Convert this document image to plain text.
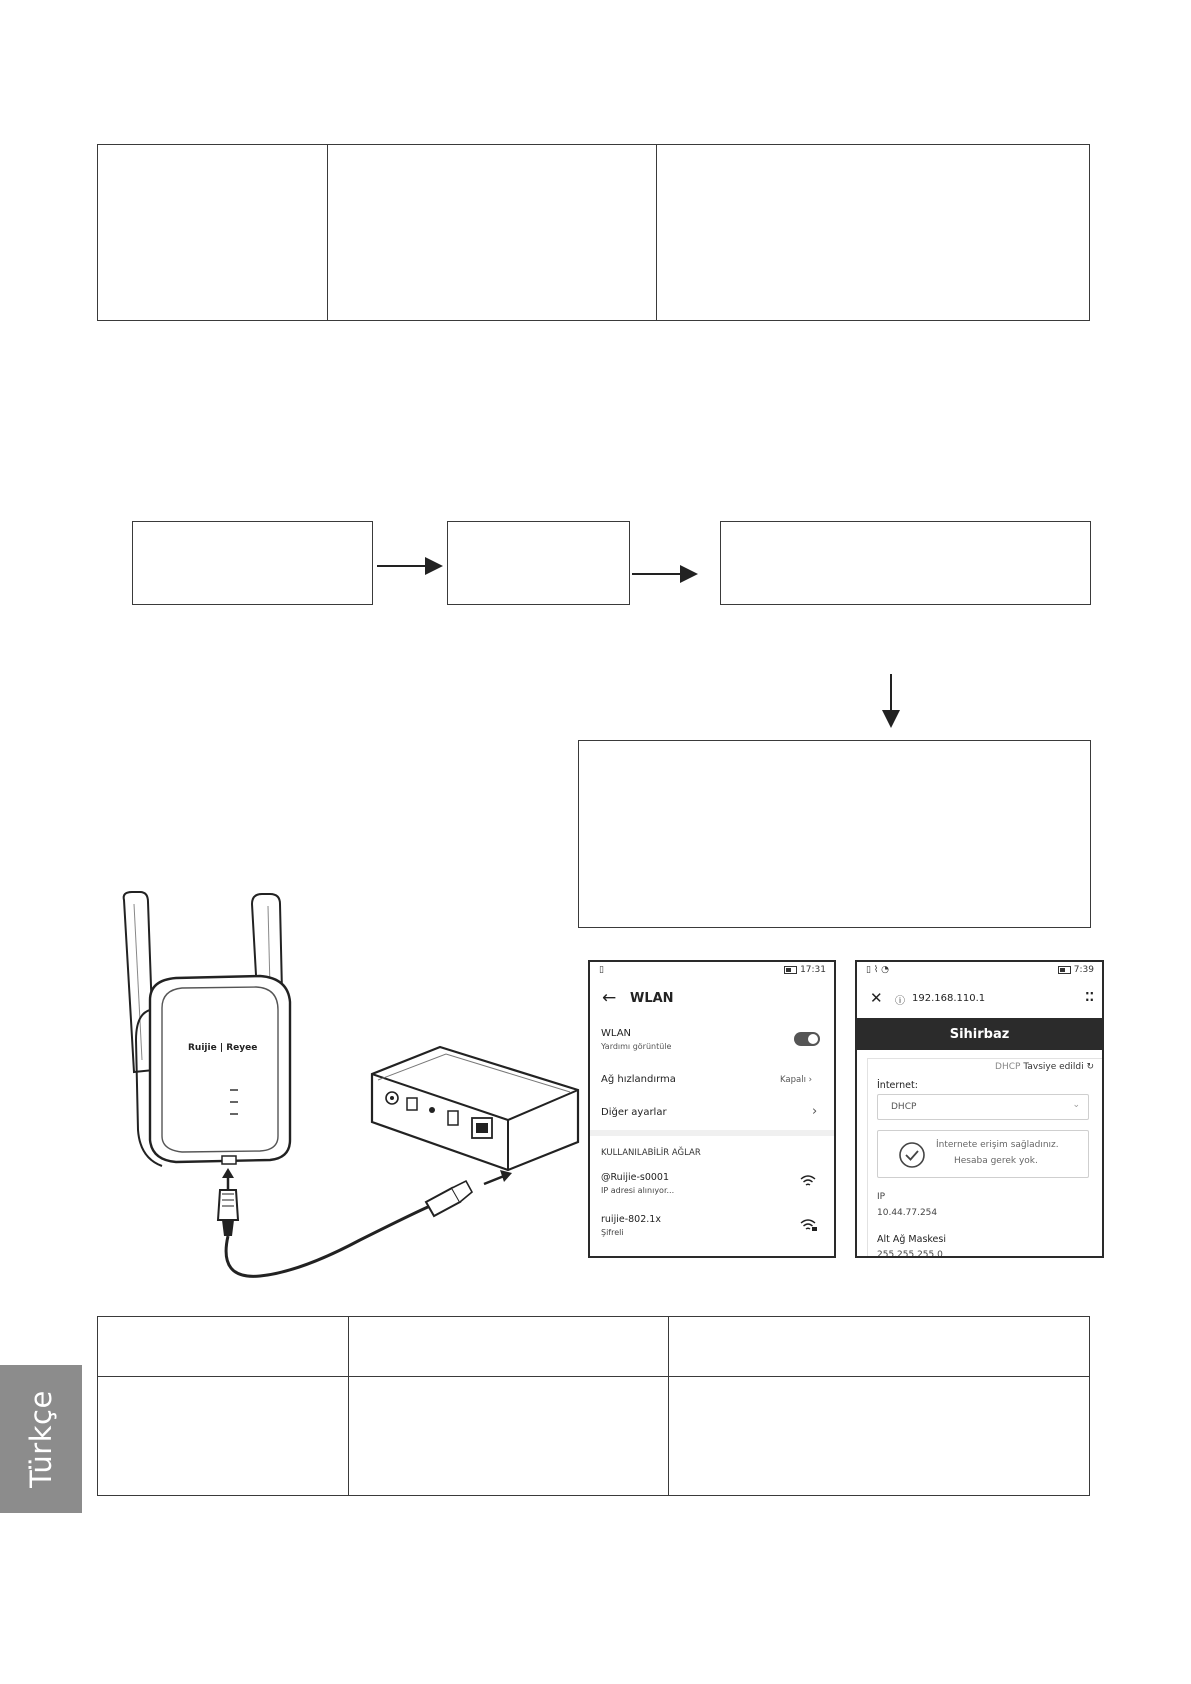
Ruijie | Reyee
▯	17:31
← WLAN
WLAN
Yardımı görüntüle
Ağ hızlandırma	Kapalı ›
Diğer ayarlar	›
KULLANILABİLİR AĞLAR
@Ruijie-s0001
IP adresi alınıyor...
ruijie-802.1x
Şifreli
▯ ⌇ ◔	7:39
✕ ⓘ 192.168.110.1	⁚⁚
Sihirbaz
DHCP Tavsiye edildi ↻
İnternet:
DHCP	⌄
İnternete erişim sağladınız.
Hesaba gerek yok.
IP
10.44.77.254
Alt Ağ Maskesi
255.255.255.0
Türkçe
